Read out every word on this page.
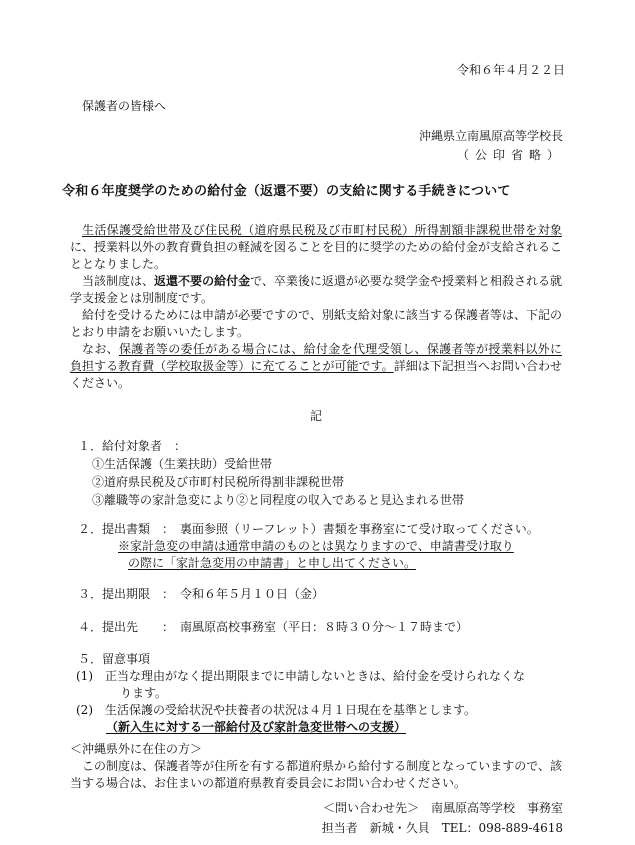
令和６年４月２２日
保護者の皆様へ
沖縄県立南風原高等学校長
（公印省略）
令和６年度奨学のための給付金（返還不要）の支給に関する手続きについて

生活保護受給世帯及び住民税（道府県民税及び市町村民税）所得割額非課税世帯を対象に、授業料以外の教育費負担の軽減を図ることを目的に奨学のための給付金が支給されることとなりました。

当該制度は、返還不要の給付金で、卒業後に返還が必要な奨学金や授業料と相殺される就学支援金とは別制度です。

給付を受けるためには申請が必要ですので、別紙支給対象に該当する保護者等は、下記のとおり申請をお願いいたします。

なお、保護者等の委任がある場合には、給付金を代理受領し、保護者等が授業料以外に負担する教育費（学校取扱金等）に充てることが可能です。詳細は下記担当へお問い合わせください。

記
１．給付対象者　：
①生活保護（生業扶助）受給世帯
②道府県民税及び市町村民税所得割非課税世帯
③離職等の家計急変により②と同程度の収入であると見込まれる世帯
２．提出書類　：　裏面参照（リーフレット）書類を事務室にて受け取ってください。
※家計急変の申請は通常申請のものとは異なりますので、申請書受け取り
の際に「家計急変用の申請書」と申し出てください。
３．提出期限　：　令和６年５月１０日（金）
４．提出先　　：　南風原高校事務室（平日：８時３０分～１７時まで）
５．留意事項
(1)　正当な理由がなく提出期限までに申請しないときは、給付金を受けられなくな
ります。
(2)　生活保護の受給状況や扶養者の状況は４月１日現在を基準とします。
（新入生に対する一部給付及び家計急変世帯への支援）
＜沖縄県外に在住の方＞
この制度は、保護者等が住所を有する都道府県から給付する制度となっていますので、該当する場合は、お住まいの都道府県教育委員会にお問い合わせください。
＜問い合わせ先＞　南風原高等学校　事務室
担当者　新城・久貝　TEL：098-889-4618
